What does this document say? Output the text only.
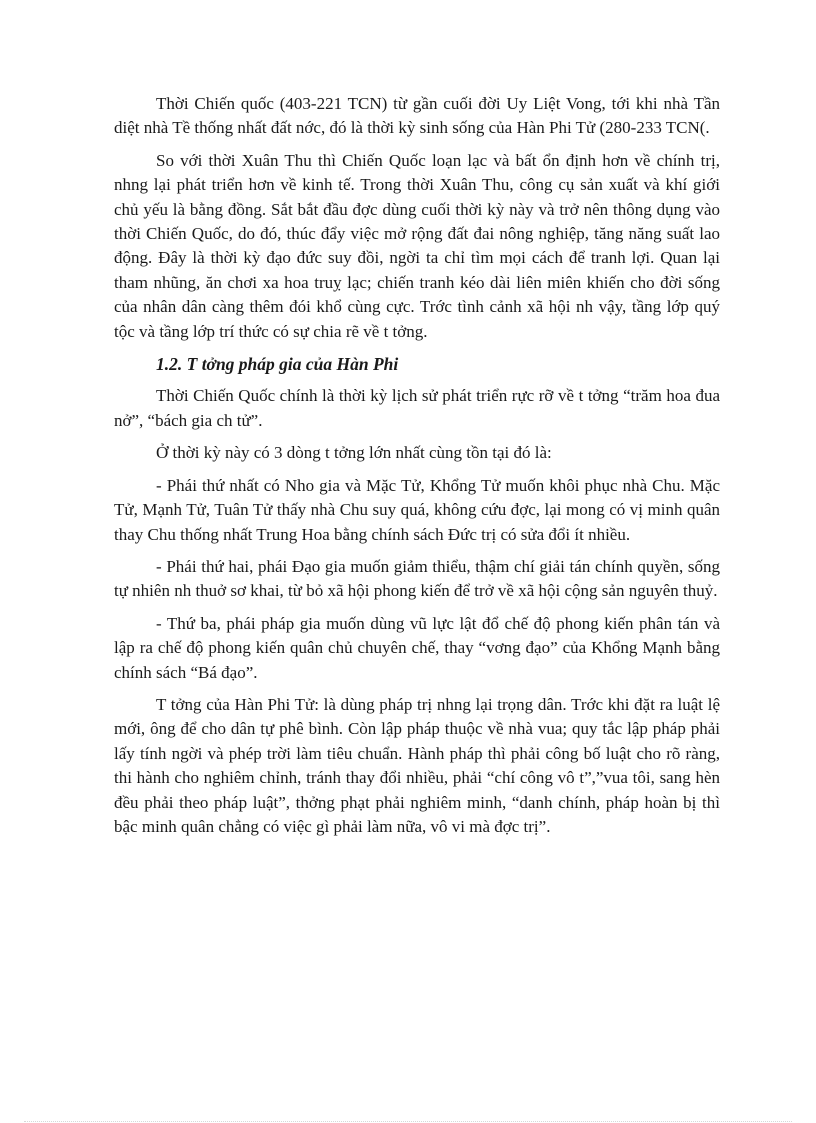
Thời Chiến quốc (403-221 TCN) từ gần cuối đời Uy Liệt Vong, tới khi nhà Tần diệt nhà Tề thống nhất đất nớc, đó là thời kỳ sinh sống của Hàn Phi Tử (280-233 TCN(.

So với thời Xuân Thu thì Chiến Quốc loạn lạc và bất ổn định hơn về chính trị, nhng lại phát triển hơn về kinh tế. Trong thời Xuân Thu, công cụ sản xuất và khí giới chủ yếu là bằng đồng. Sắt bắt đầu đợc dùng cuối thời kỳ này và trở nên thông dụng vào thời Chiến Quốc, do đó, thúc đẩy việc mở rộng đất đai nông nghiệp, tăng năng suất lao động. Đây là thời kỳ đạo đức suy đồi, ngời ta chỉ tìm mọi cách để tranh lợi. Quan lại tham nhũng, ăn chơi xa hoa truỵ lạc; chiến tranh kéo dài liên miên khiến cho đời sống của nhân dân càng thêm đói khổ cùng cực. Trớc tình cảnh xã hội nh vậy, tầng lớp quý tộc và tầng lớp trí thức có sự chia rẽ về t tởng.

1.2. T tởng pháp gia của Hàn Phi

Thời Chiến Quốc chính là thời kỳ lịch sử phát triển rực rỡ về t tởng “trăm hoa đua nở”, “bách gia ch tử”.

Ở thời kỳ này có 3 dòng t tởng lớn nhất cùng tồn tại đó là:

- Phái thứ nhất có Nho gia và Mặc Tử, Khổng Tử muốn khôi phục nhà Chu. Mặc Tử, Mạnh Tử, Tuân Tử thấy nhà Chu suy quá, không cứu đợc, lại mong có vị minh quân thay Chu thống nhất Trung Hoa bằng chính sách Đức trị có sửa đổi ít nhiều.

- Phái thứ hai, phái Đạo gia muốn giảm thiểu, thậm chí giải tán chính quyền, sống tự nhiên nh thuở sơ khai, từ bỏ xã hội phong kiến để trở về xã hội cộng sản nguyên thuỷ.

- Thứ ba, phái pháp gia muốn dùng vũ lực lật đổ chế độ phong kiến phân tán và lập ra chế độ phong kiến quân chủ chuyên chế, thay “vơng đạo” của Khổng Mạnh bằng chính sách “Bá đạo”.

T tởng của Hàn Phi Tử: là dùng pháp trị nhng lại trọng dân. Trớc khi đặt ra luật lệ mới, ông để cho dân tự phê bình. Còn lập pháp thuộc về nhà vua; quy tắc lập pháp phải lấy tính ngời và phép trời làm tiêu chuẩn. Hành pháp thì phải công bố luật cho rõ ràng, thi hành cho nghiêm chỉnh, tránh thay đổi nhiều, phải “chí công vô t”,”vua tôi, sang hèn đều phải theo pháp luật”, thởng phạt phải nghiêm minh, “danh chính, pháp hoàn bị thì bậc minh quân chẳng có việc gì phải làm nữa, vô vi mà đợc trị”.
